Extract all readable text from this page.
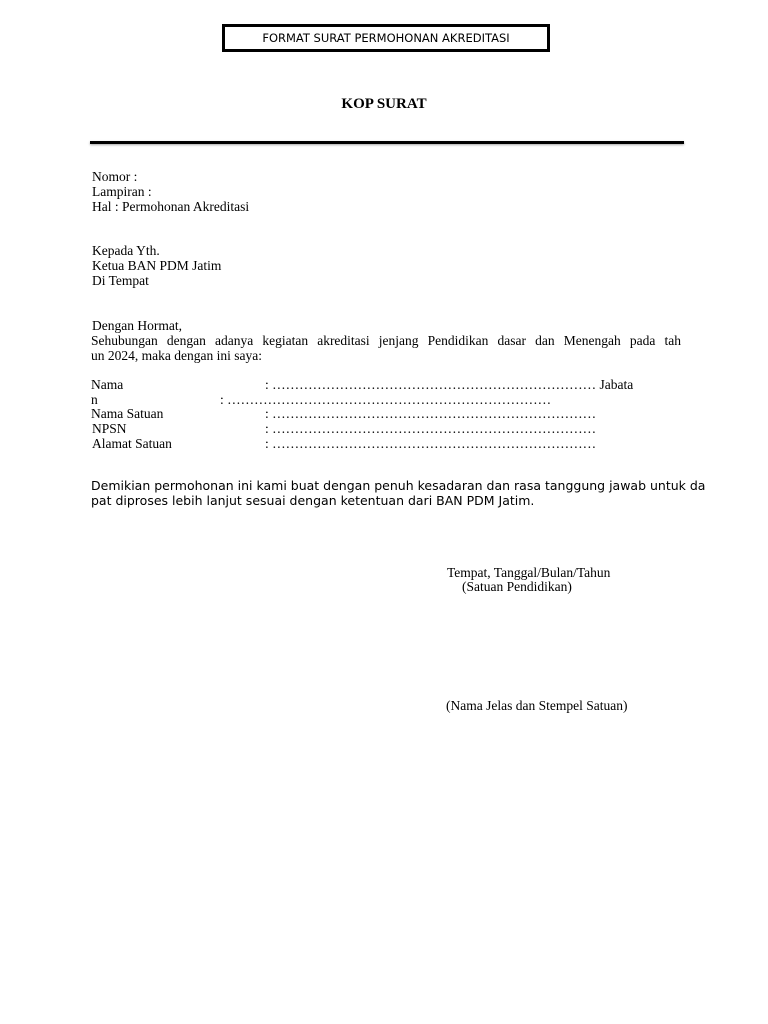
FORMAT SURAT PERMOHONAN AKREDITASI
KOP SURAT
Nomor :
Lampiran :
Hal : Permohonan Akreditasi
Kepada Yth.
Ketua BAN PDM Jatim
Di Tempat
Dengan Hormat,
Sehubungan dengan adanya kegiatan akreditasi jenjang Pendidikan dasar dan Menengah pada tah
un 2024, maka dengan ini saya:
Nama	: ……………………………………………………………… Jabata
n	: ………………………………………………………………
Nama Satuan	: ………………………………………………………………
NPSN	: ………………………………………………………………
Alamat Satuan	: ………………………………………………………………
Demikian permohonan ini kami buat dengan penuh kesadaran dan rasa tanggung jawab untuk da
pat diproses lebih lanjut sesuai dengan ketentuan dari BAN PDM Jatim.
Tempat, Tanggal/Bulan/Tahun
(Satuan Pendidikan)
(Nama Jelas dan Stempel Satuan)
